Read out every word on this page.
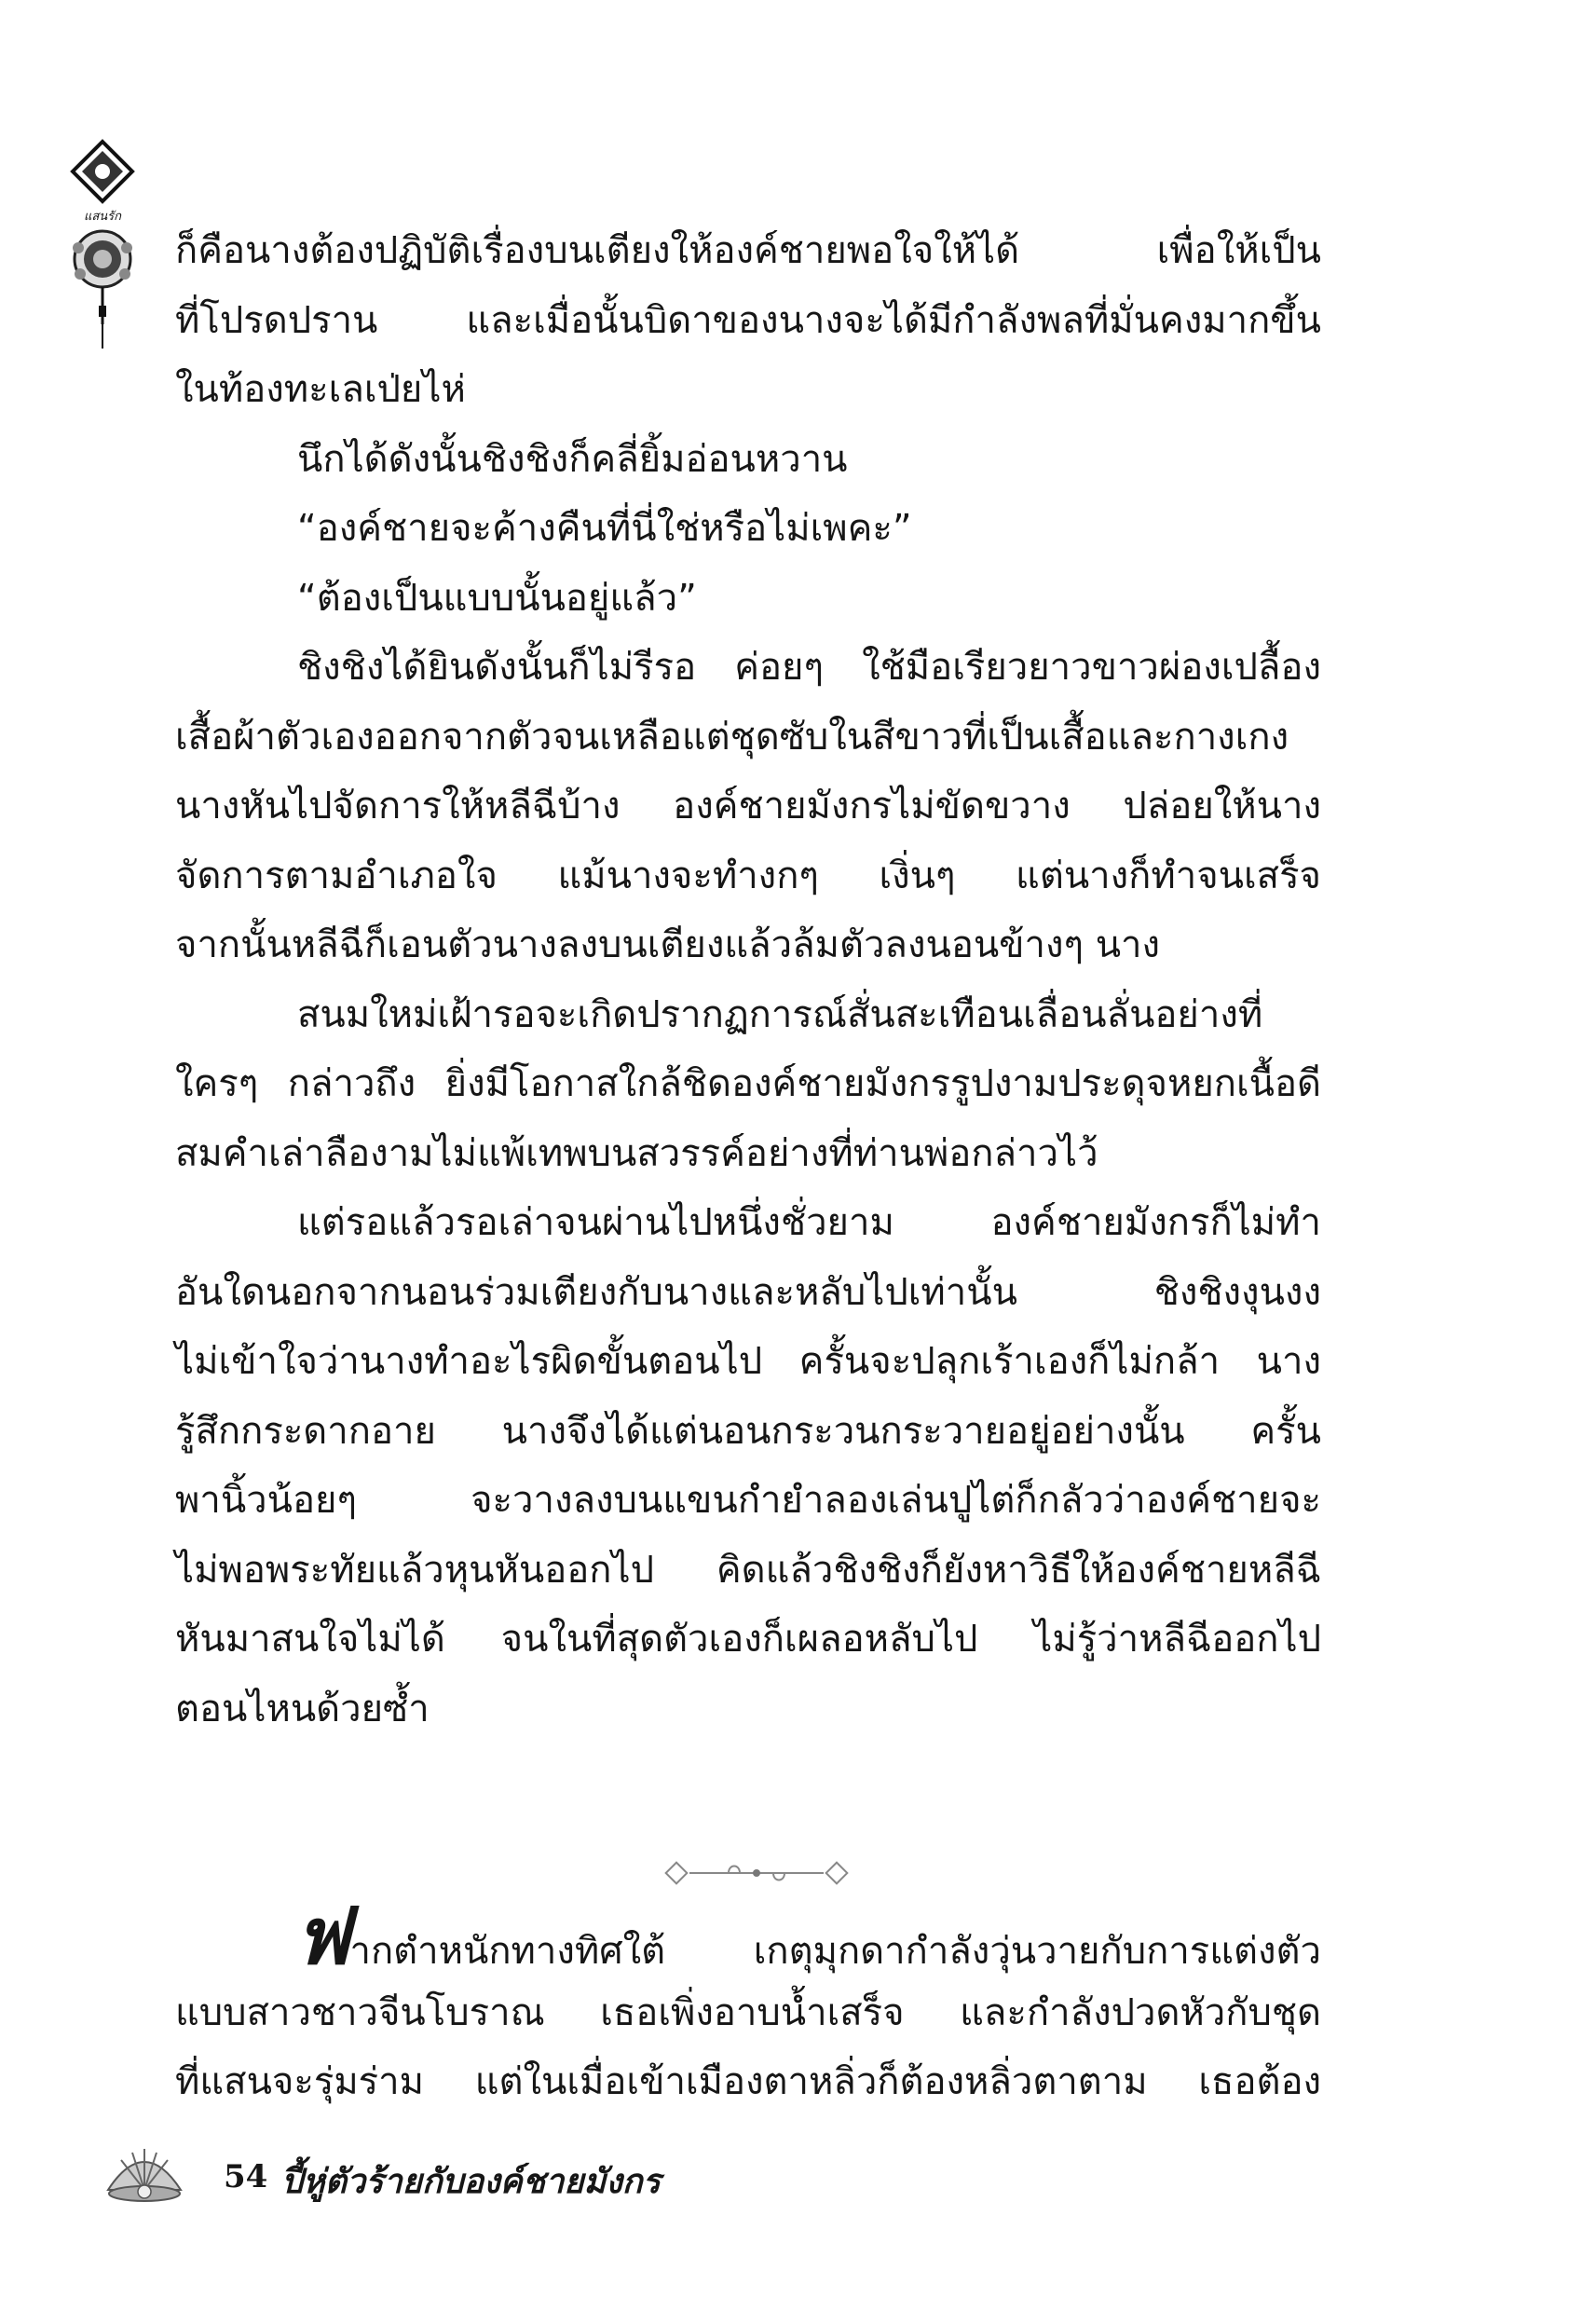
แสนรัก
ก็คือนางต้องปฏิบัติเรื่องบนเตียงให้องค์ชายพอใจให้ได้ เพื่อให้เป็น
ที่โปรดปราน และเมื่อนั้นบิดาของนางจะได้มีกำลังพลที่มั่นคงมากขึ้น
ในท้องทะเลเป่ยไห่
นึกได้ดังนั้นชิงชิงก็คลี่ยิ้มอ่อนหวาน
“องค์ชายจะค้างคืนที่นี่ใช่หรือไม่เพคะ”
“ต้องเป็นแบบนั้นอยู่แล้ว”
ชิงชิงได้ยินดังนั้นก็ไม่รีรอ ค่อยๆ ใช้มือเรียวยาวขาวผ่องเปลื้อง
เสื้อผ้าตัวเองออกจากตัวจนเหลือแต่ชุดซับในสีขาวที่เป็นเสื้อและกางเกง
นางหันไปจัดการให้หลีฉีบ้าง องค์ชายมังกรไม่ขัดขวาง ปล่อยให้นาง
จัดการตามอำเภอใจ แม้นางจะทำงกๆ เงิ่นๆ แต่นางก็ทำจนเสร็จ
จากนั้นหลีฉีก็เอนตัวนางลงบนเตียงแล้วล้มตัวลงนอนข้างๆ นาง
สนมใหม่เฝ้ารอจะเกิดปรากฏการณ์สั่นสะเทือนเลื่อนลั่นอย่างที่
ใครๆ กล่าวถึง ยิ่งมีโอกาสใกล้ชิดองค์ชายมังกรรูปงามประดุจหยกเนื้อดี
สมคำเล่าลืองามไม่แพ้เทพบนสวรรค์อย่างที่ท่านพ่อกล่าวไว้
แต่รอแล้วรอเล่าจนผ่านไปหนึ่งชั่วยาม องค์ชายมังกรก็ไม่ทำ
อันใดนอกจากนอนร่วมเตียงกับนางและหลับไปเท่านั้น ชิงชิงงุนงง
ไม่เข้าใจว่านางทำอะไรผิดขั้นตอนไป ครั้นจะปลุกเร้าเองก็ไม่กล้า นาง
รู้สึกกระดากอาย นางจึงได้แต่นอนกระวนกระวายอยู่อย่างนั้น ครั้น
พานิ้วน้อยๆ จะวางลงบนแขนกำยำลองเล่นปูไต่ก็กลัวว่าองค์ชายจะ
ไม่พอพระทัยแล้วหุนหันออกไป คิดแล้วชิงชิงก็ยังหาวิธีให้องค์ชายหลีฉี
หันมาสนใจไม่ได้ จนในที่สุดตัวเองก็เผลอหลับไป ไม่รู้ว่าหลีฉีออกไป
ตอนไหนด้วยซ้ำ
ฟากตำหนักทางทิศใต้ เกตุมุกดากำลังวุ่นวายกับการแต่งตัว
แบบสาวชาวจีนโบราณ เธอเพิ่งอาบน้ำเสร็จ และกำลังปวดหัวกับชุด
ที่แสนจะรุ่มร่าม แต่ในเมื่อเข้าเมืองตาหลิ่วก็ต้องหลิ่วตาตาม เธอต้อง
54 ปี้หู่ตัวร้ายกับองค์ชายมังกร
